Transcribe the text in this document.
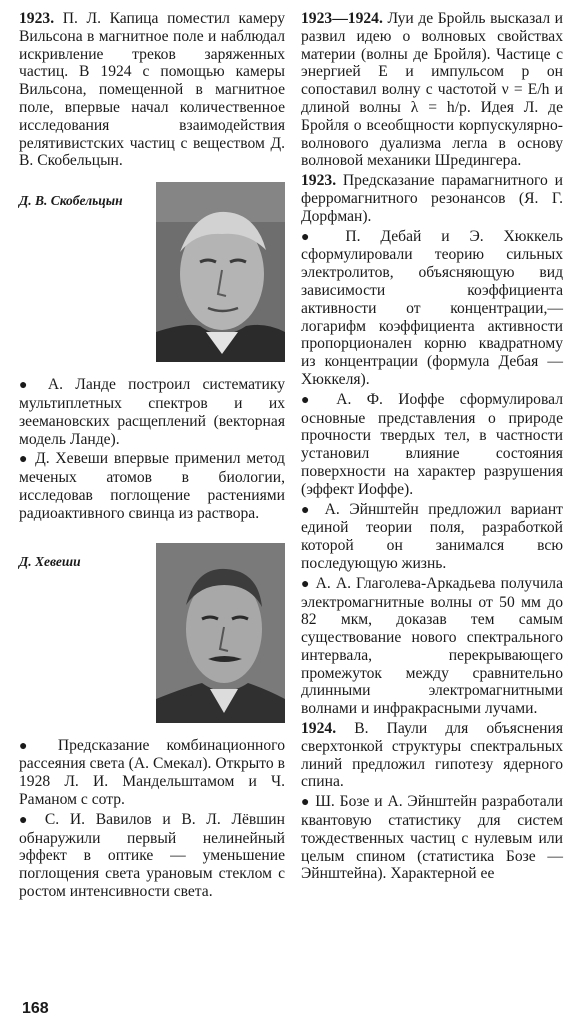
1923. П. Л. Капица поместил камеру Вильсона в магнитное поле и наблюдал искривление треков заряженных частиц. В 1924 с помощью камеры Вильсона, помещенной в магнитное поле, впервые начал количественное исследования взаимодействия релятивистских частиц с веществом Д. В. Скобельцын.

Д. В. Скобельцын

● А. Ланде построил систематику мультиплетных спектров и их зеемановских расщеплений (векторная модель Ланде).

● Д. Хевеши впервые применил метод меченых атомов в биологии, исследовав поглощение растениями радиоактивного свинца из раствора.

Д. Хевеши

● Предсказание комбинационного рассеяния света (А. Смекал). Открыто в 1928 Л. И. Мандельштамом и Ч. Раманом с сотр.

● С. И. Вавилов и В. Л. Лёвшин обнаружили первый нелинейный эффект в оптике — уменьшение поглощения света урановым стеклом с ростом интенсивности света.

1923—1924. Луи де Бройль высказал и развил идею о волновых свойствах материи (волны де Бройля). Частице с энергией E и импульсом p он сопоставил волну с частотой ν = E/h и длиной волны λ = h/p. Идея Л. де Бройля о всеобщности корпускулярно-волнового дуализма легла в основу волновой механики Шредингера.

1923. Предсказание парамагнитного и ферромагнитного резонансов (Я. Г. Дорфман).

● П. Дебай и Э. Хюккель сформулировали теорию сильных электролитов, объясняющую вид зависимости коэффициента активности от концентрации,— логарифм коэффициента активности пропорционален корню квадратному из концентрации (формула Дебая — Хюккеля).

● А. Ф. Иоффе сформулировал основные представления о природе прочности твердых тел, в частности установил влияние состояния поверхности на характер разрушения (эффект Иоффе).

● А. Эйнштейн предложил вариант единой теории поля, разработкой которой он занимался всю последующую жизнь.

● А. А. Глаголева-Аркадьева получила электромагнитные волны от 50 мм до 82 мкм, доказав тем самым существование нового спектрального интервала, перекрывающего промежуток между сравнительно длинными электромагнитными волнами и инфракрасными лучами.

1924. В. Паули для объяснения сверхтонкой структуры спектральных линий предложил гипотезу ядерного спина.

● Ш. Бозе и А. Эйнштейн разработали квантовую статистику для систем тождественных частиц с нулевым или целым спином (статистика Бозе — Эйнштейна). Характерной ее

168
